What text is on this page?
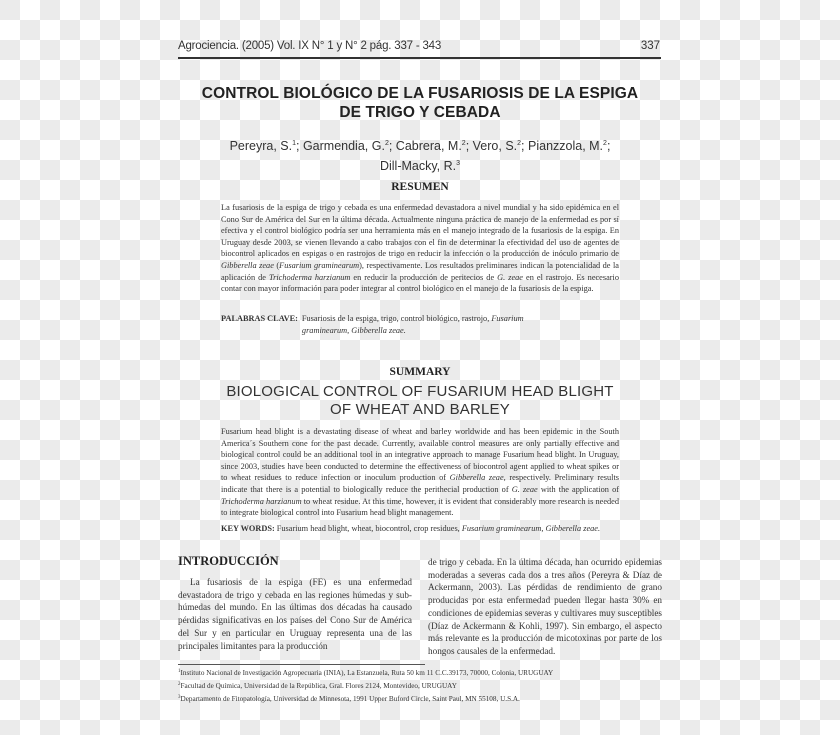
Agrociencia. (2005) Vol. IX N° 1 y N° 2 pág. 337 - 343	337
CONTROL BIOLÓGICO DE LA FUSARIOSIS DE LA ESPIGA
DE TRIGO Y CEBADA
Pereyra, S.$^1$; Garmendia, G.$^2$; Cabrera, M.$^2$; Vero, S.$^2$; Pianzzola, M.$^2$;
Dill-Macky, R.$^3$
RESUMEN
La fusariosis de la espiga de trigo y cebada es una enfermedad devastadora a nivel mundial y ha sido epidémica en el Cono Sur de América del Sur en la última década. Actualmente ninguna práctica de manejo de la enfermedad es por sí efectiva y el control biológico podría ser una herramienta más en el manejo integrado de la fusariosis de la espiga. En Uruguay desde 2003, se vienen llevando a cabo trabajos con el fin de determinar la efectividad del uso de agentes de biocontrol aplicados en espigas o en rastrojos de trigo en reducir la infección o la producción de inóculo primario de Gibberella zeae (Fusarium graminearum), respectivamente. Los resultados preliminares indican la potencialidad de la aplicación de Trichoderma harzianum en reducir la producción de peritecios de G. zeae en el rastrojo. Es necesario contar con mayor información para poder integrar al control biológico en el manejo de la fusariosis de la espiga.
PALABRAS CLAVE: Fusariosis de la espiga, trigo, control biológico, rastrojo, Fusarium graminearum, Gibberella zeae.
SUMMARY
BIOLOGICAL CONTROL OF FUSARIUM HEAD BLIGHT
OF WHEAT AND BARLEY
Fusarium head blight is a devastating disease of wheat and barley worldwide and has been epidemic in the South America´s Southern cone for the past decade. Currently, available control measures are only partially effective and biological control could be an additional tool in an integrative approach to manage Fusarium head blight. In Uruguay, since 2003, studies have been conducted to determine the effectiveness of biocontrol agent applied to wheat spikes or to wheat residues to reduce infection or inoculum production of Gibberella zeae, respectively. Preliminary results indicate that there is a potential to biologically reduce the perithecial production of G. zeae with the application of Trichoderma harzianum to wheat residue. At this time, however, it is evident that considerably more research is needed to integrate biological control into Fusarium head blight management.
KEY WORDS: Fusarium head blight, wheat, biocontrol, crop residues, Fusarium graminearum, Gibberella zeae.
INTRODUCCIÓN
La fusariosis de la espiga (FE) es una enfermedad devastadora de trigo y cebada en las regiones húmedas y sub-húmedas del mundo. En las últimas dos décadas ha causado pérdidas significativas en los países del Cono Sur de América del Sur y en particular en Uruguay representa una de las principales limitantes para la producción
de trigo y cebada. En la última década, han ocurrido epidemias moderadas a severas cada dos a tres años (Pereyra & Díaz de Ackermann, 2003). Las pérdidas de rendimiento de grano producidas por esta enfermedad pueden llegar hasta 30% en condiciones de epidemias severas y cultivares muy susceptibles (Díaz de Ackermann & Kohli, 1997). Sin embargo, el aspecto más relevante es la producción de micotoxinas por parte de los hongos causales de la enfermedad.
$^1$Instituto Nacional de Investigación Agropecuaria (INIA), La Estanzuela, Ruta 50 km 11 C.C.39173, 70000, Colonia, URUGUAY
$^2$Facultad de Química, Universidad de la República, Gral. Flores 2124, Montevideo, URUGUAY
$^3$Departamento de Fitopatología, Universidad de Minnesota, 1991 Upper Buford Circle, Saint Paul, MN 55108, U.S.A.
